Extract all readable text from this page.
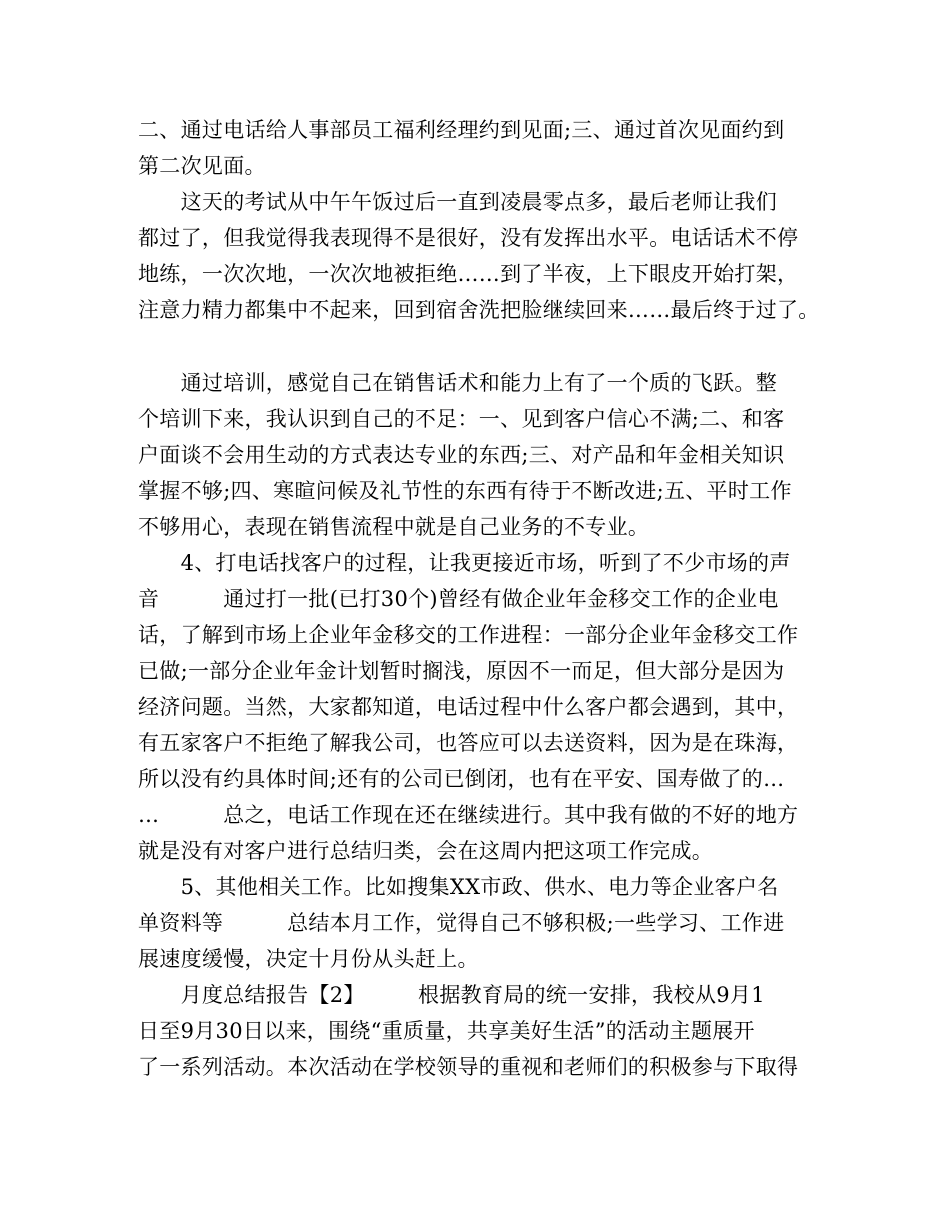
二、通过电话给人事部员工福利经理约到见面;三、通过首次见面约到
第二次见面。
　　这天的考试从中午午饭过后一直到凌晨零点多，最后老师让我们
都过了，但我觉得我表现得不是很好，没有发挥出水平。电话话术不停
地练，一次次地，一次次地被拒绝……到了半夜，上下眼皮开始打架，
注意力精力都集中不起来，回到宿舍洗把脸继续回来……最后终于过了。
　　通过培训，感觉自己在销售话术和能力上有了一个质的飞跃。整
个培训下来，我认识到自己的不足：一、见到客户信心不满;二、和客
户面谈不会用生动的方式表达专业的东西;三、对产品和年金相关知识
掌握不够;四、寒暄问候及礼节性的东西有待于不断改进;五、平时工作
不够用心，表现在销售流程中就是自己业务的不专业。
　　4、打电话找客户的过程，让我更接近市场，听到了不少市场的声
音　　　通过打一批(已打30个)曾经有做企业年金移交工作的企业电
话，了解到市场上企业年金移交的工作进程：一部分企业年金移交工作
已做;一部分企业年金计划暂时搁浅，原因不一而足，但大部分是因为
经济问题。当然，大家都知道，电话过程中什么客户都会遇到，其中，
有五家客户不拒绝了解我公司，也答应可以去送资料，因为是在珠海，
所以没有约具体时间;还有的公司已倒闭，也有在平安、国寿做了的…
…　　　总之，电话工作现在还在继续进行。其中我有做的不好的地方
就是没有对客户进行总结归类，会在这周内把这项工作完成。
　　5、其他相关工作。比如搜集XX市政、供水、电力等企业客户名
单资料等　　　总结本月工作，觉得自己不够积极;一些学习、工作进
展速度缓慢，决定十月份从头赶上。
　　月度总结报告【2】　　　根据教育局的统一安排，我校从9月1
日至9月30日以来，围绕“重质量，共享美好生活”的活动主题展开
了一系列活动。本次活动在学校领导的重视和老师们的积极参与下取得
